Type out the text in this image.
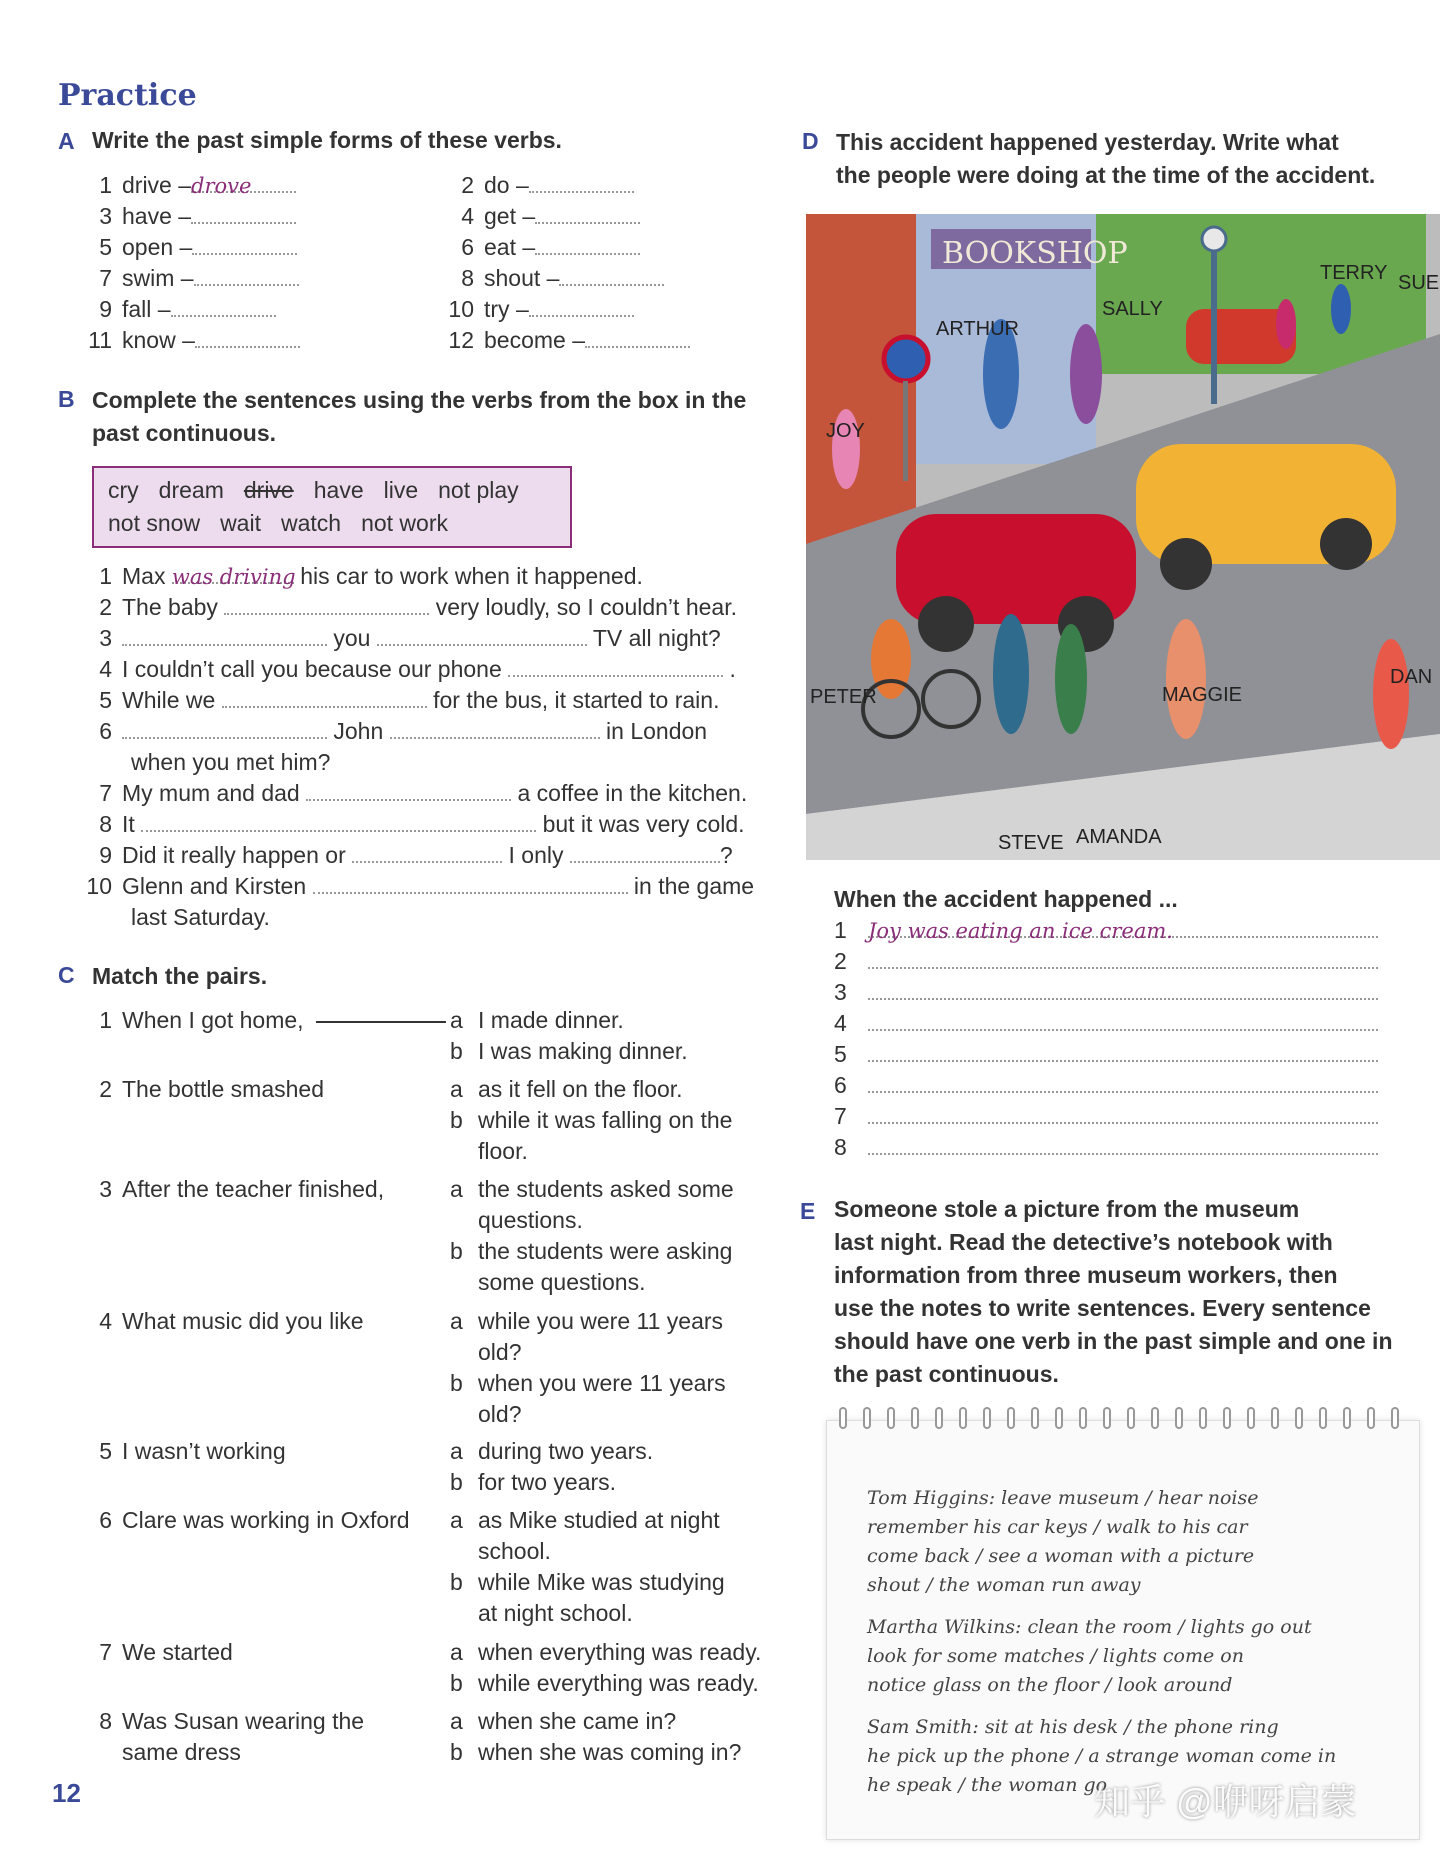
Practice
A Write the past simple forms of these verbs.
1 drive –drove	2 do –
3 have –	4 get –
5 open –	6 eat –
7 swim –	8 shout –
9 fall –	10 try –
11 know –	12 become –
B Complete the sentences using the verbs from the box in the
past continuous.
cry dream drive have live not play
not snow wait watch not work
1 Max was driving his car to work when it happened.
2 The baby	very loudly, so I couldn’t hear.
3	you	TV all night?
4 I couldn’t call you because our phone	.
5 While we	for the bus, it started to rain.
6	John	in London
when you met him?
7 My mum and dad	a coffee in the kitchen.
8 It	but it was very cold.
9 Did it really happen or	I only	?
10 Glenn and Kirsten	in the game
last Saturday.
C Match the pairs.
1 When I got home,	a I made dinner.
b I was making dinner.
2 The bottle smashed	a as it fell on the floor.
b while it was falling on the
floor.
3 After the teacher finished,	a the students asked some
questions.
b the students were asking
some questions.
4 What music did you like	a while you were 11 years
old?
b when you were 11 years
old?
5 I wasn’t working	a during two years.
b for two years.
6 Clare was working in Oxford a as Mike studied at night
school.
b while Mike was studying
at night school.
7 We started	a when everything was ready.
b while everything was ready.
8 Was Susan wearing the
same dress
a when she came in?
b when she was coming in?
12
D This accident happened yesterday. Write what
the people were doing at the time of the accident.
BOOKSHOP
ARTHUR
SALLY
TERRY SUE
JOY
PETER	MAGGIE
DAN
STEVE AMANDA
When the accident happened ...
1 Joy was eating an ice cream.
2
3
4
5
6
7
8
E Someone stole a picture from the museum
last night. Read the detective’s notebook with
information from three museum workers, then
use the notes to write sentences. Every sentence
should have one verb in the past simple and one in
the past continuous.
Tom Higgins: leave museum / hear noise
remember his car keys / walk to his car
come back / see a woman with a picture
shout / the woman run away
Martha Wilkins: clean the room / lights go out
look for some matches / lights come on
notice glass on the floor / look around
Sam Smith: sit at his desk / the phone ring
he pick up the phone / a strange woman come in
he speak / the woman go
知乎 @咿呀启蒙
